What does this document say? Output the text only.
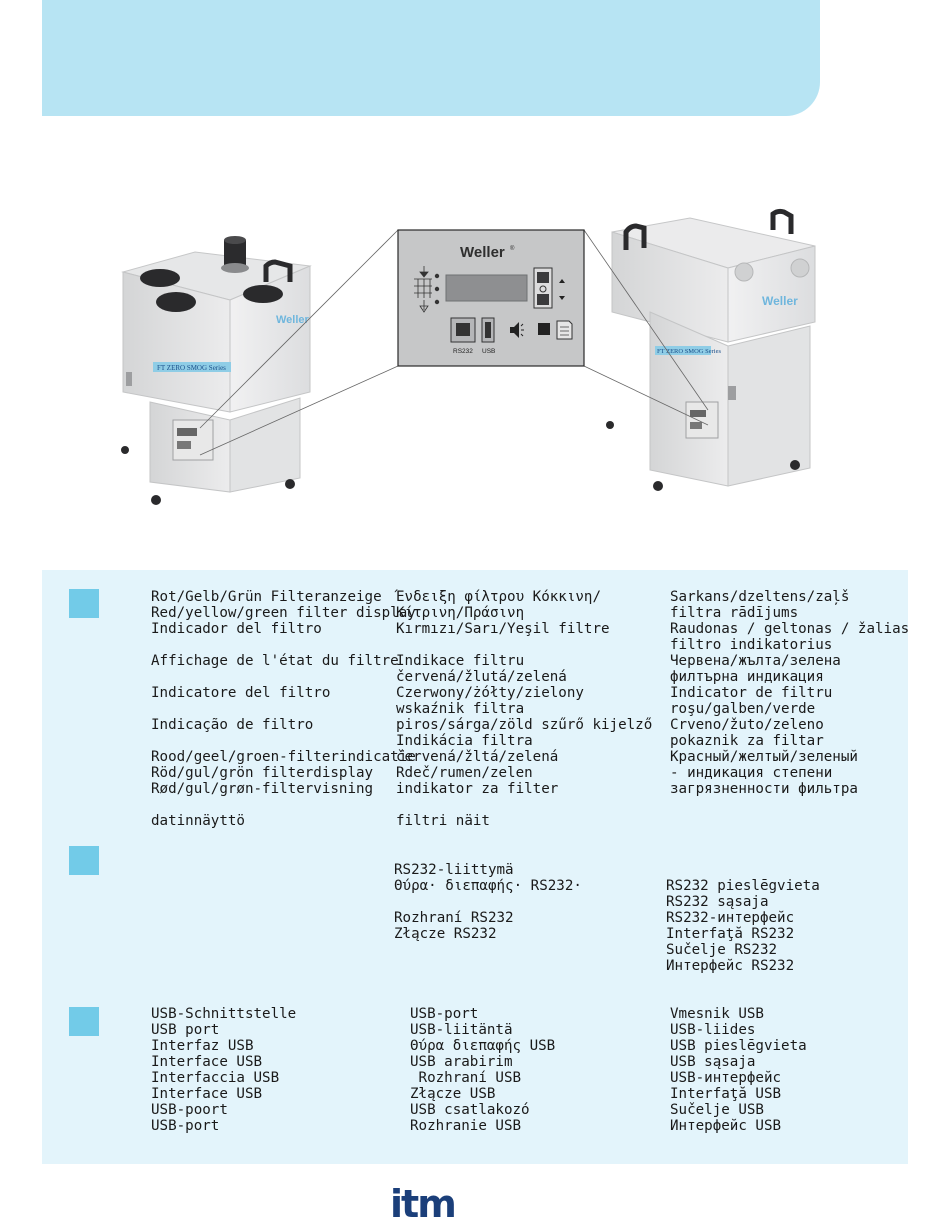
FT ZERO SMOG Series
Weller
Weller
FT ZERO SMOG Series
Weller ®
RS232 USB
Rot/Gelb/Grün Filteranzeige
Red/yellow/green filter display
Indicador del filtro

Affichage de l'état du filtre

Indicatore del filtro

Indicação de filtro

Rood/geel/groen-filterindicatie
Röd/gul/grön filterdisplay
Rød/gul/grøn-filtervisning

datinnäyttö
Ένδειξη φίλτρου Κόκκινη/
Κίτρινη/Πράσινη
Kırmızı/Sarı/Yeşil filtre

Indikace filtru
červená/žlutá/zelená
Czerwony/żółty/zielony
wskaźnik filtra
piros/sárga/zöld szűrő kijelző
Indikácia filtra
červená/žltá/zelená
Rdeč/rumen/zelen
indikator za filter

filtri näit
Sarkans/dzeltens/zaļš
filtra rādījums
Raudonas / geltonas / žalias
filtro indikatorius
Червена/жълта/зелена
филтърна индикация
Indicator de filtru
roşu/galben/verde
Crveno/žuto/zeleno
pokaznik za filtar
Красный/желтый/зеленый
- индикация степени
загрязненности фильтра
RS232-liittymä
Θύρα· διεπαφής· RS232·

Rozhraní RS232
Złącze RS232
RS232 pieslēgvieta
RS232 sąsaja
RS232-интерфейс
Interfaţă RS232
Sučelje RS232
Интерфейс RS232
USB-Schnittstelle
USB port
Interfaz USB
Interface USB
Interfaccia USB
Interface USB
USB-poort
USB-port
USB-port
USB-liitäntä
Θύρα διεπαφής USB
USB arabirim
Rozhraní USB
Złącze USB
USB csatlakozó
Rozhranie USB
Vmesnik USB
USB-liides
USB pieslēgvieta
USB sąsaja
USB-интерфейс
Interfaţă USB
Sučelje USB
Интерфейс USB
itm
